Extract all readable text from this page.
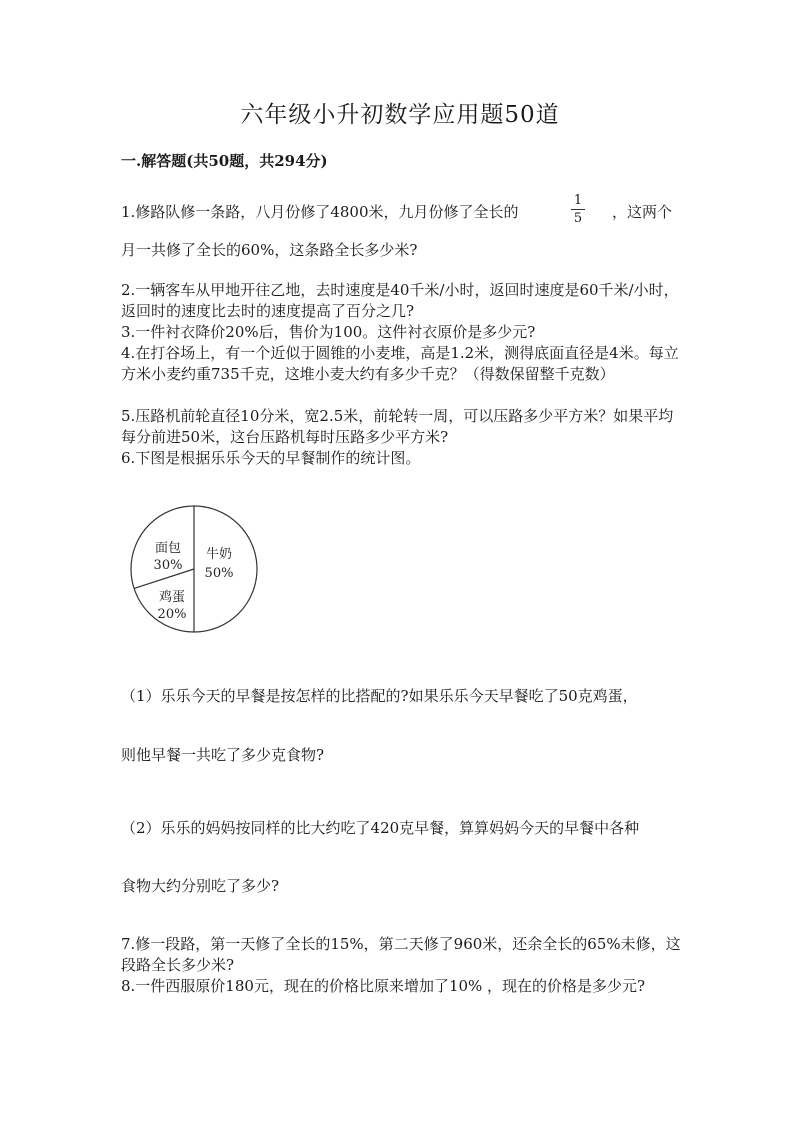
六年级小升初数学应用题50道
一.解答题(共50题，共294分)
1.修路队修一条路，八月份修了4800米，九月份修了全长的
1
5	，这两个

月一共修了全长的60%，这条路全长多少米?

2.一辆客车从甲地开往乙地，去时速度是40千米/小时，返回时速度是60千米/小时，返回时的速度比去时的速度提高了百分之几?

3.一件衬衣降价20%后，售价为100。这件衬衣原价是多少元?

4.在打谷场上，有一个近似于圆锥的小麦堆，高是1.2米，测得底面直径是4米。每立方米小麦约重735千克，这堆小麦大约有多少千克？（得数保留整千克数）

5.压路机前轮直径10分米，宽2.5米，前轮转一周，可以压路多少平方米？如果平均每分前进50米，这台压路机每时压路多少平方米?

6.下图是根据乐乐今天的早餐制作的统计图。

牛奶
50%
面包
30%
鸡蛋
20%

（1）乐乐今天的早餐是按怎样的比搭配的?如果乐乐今天早餐吃了50克鸡蛋，

则他早餐一共吃了多少克食物?

（2）乐乐的妈妈按同样的比大约吃了420克早餐，算算妈妈今天的早餐中各种

食物大约分别吃了多少?

7.修一段路，第一天修了全长的15%，第二天修了960米，还余全长的65%未修，这段路全长多少米?

8.一件西服原价180元，现在的价格比原来增加了10% ，现在的价格是多少元?
